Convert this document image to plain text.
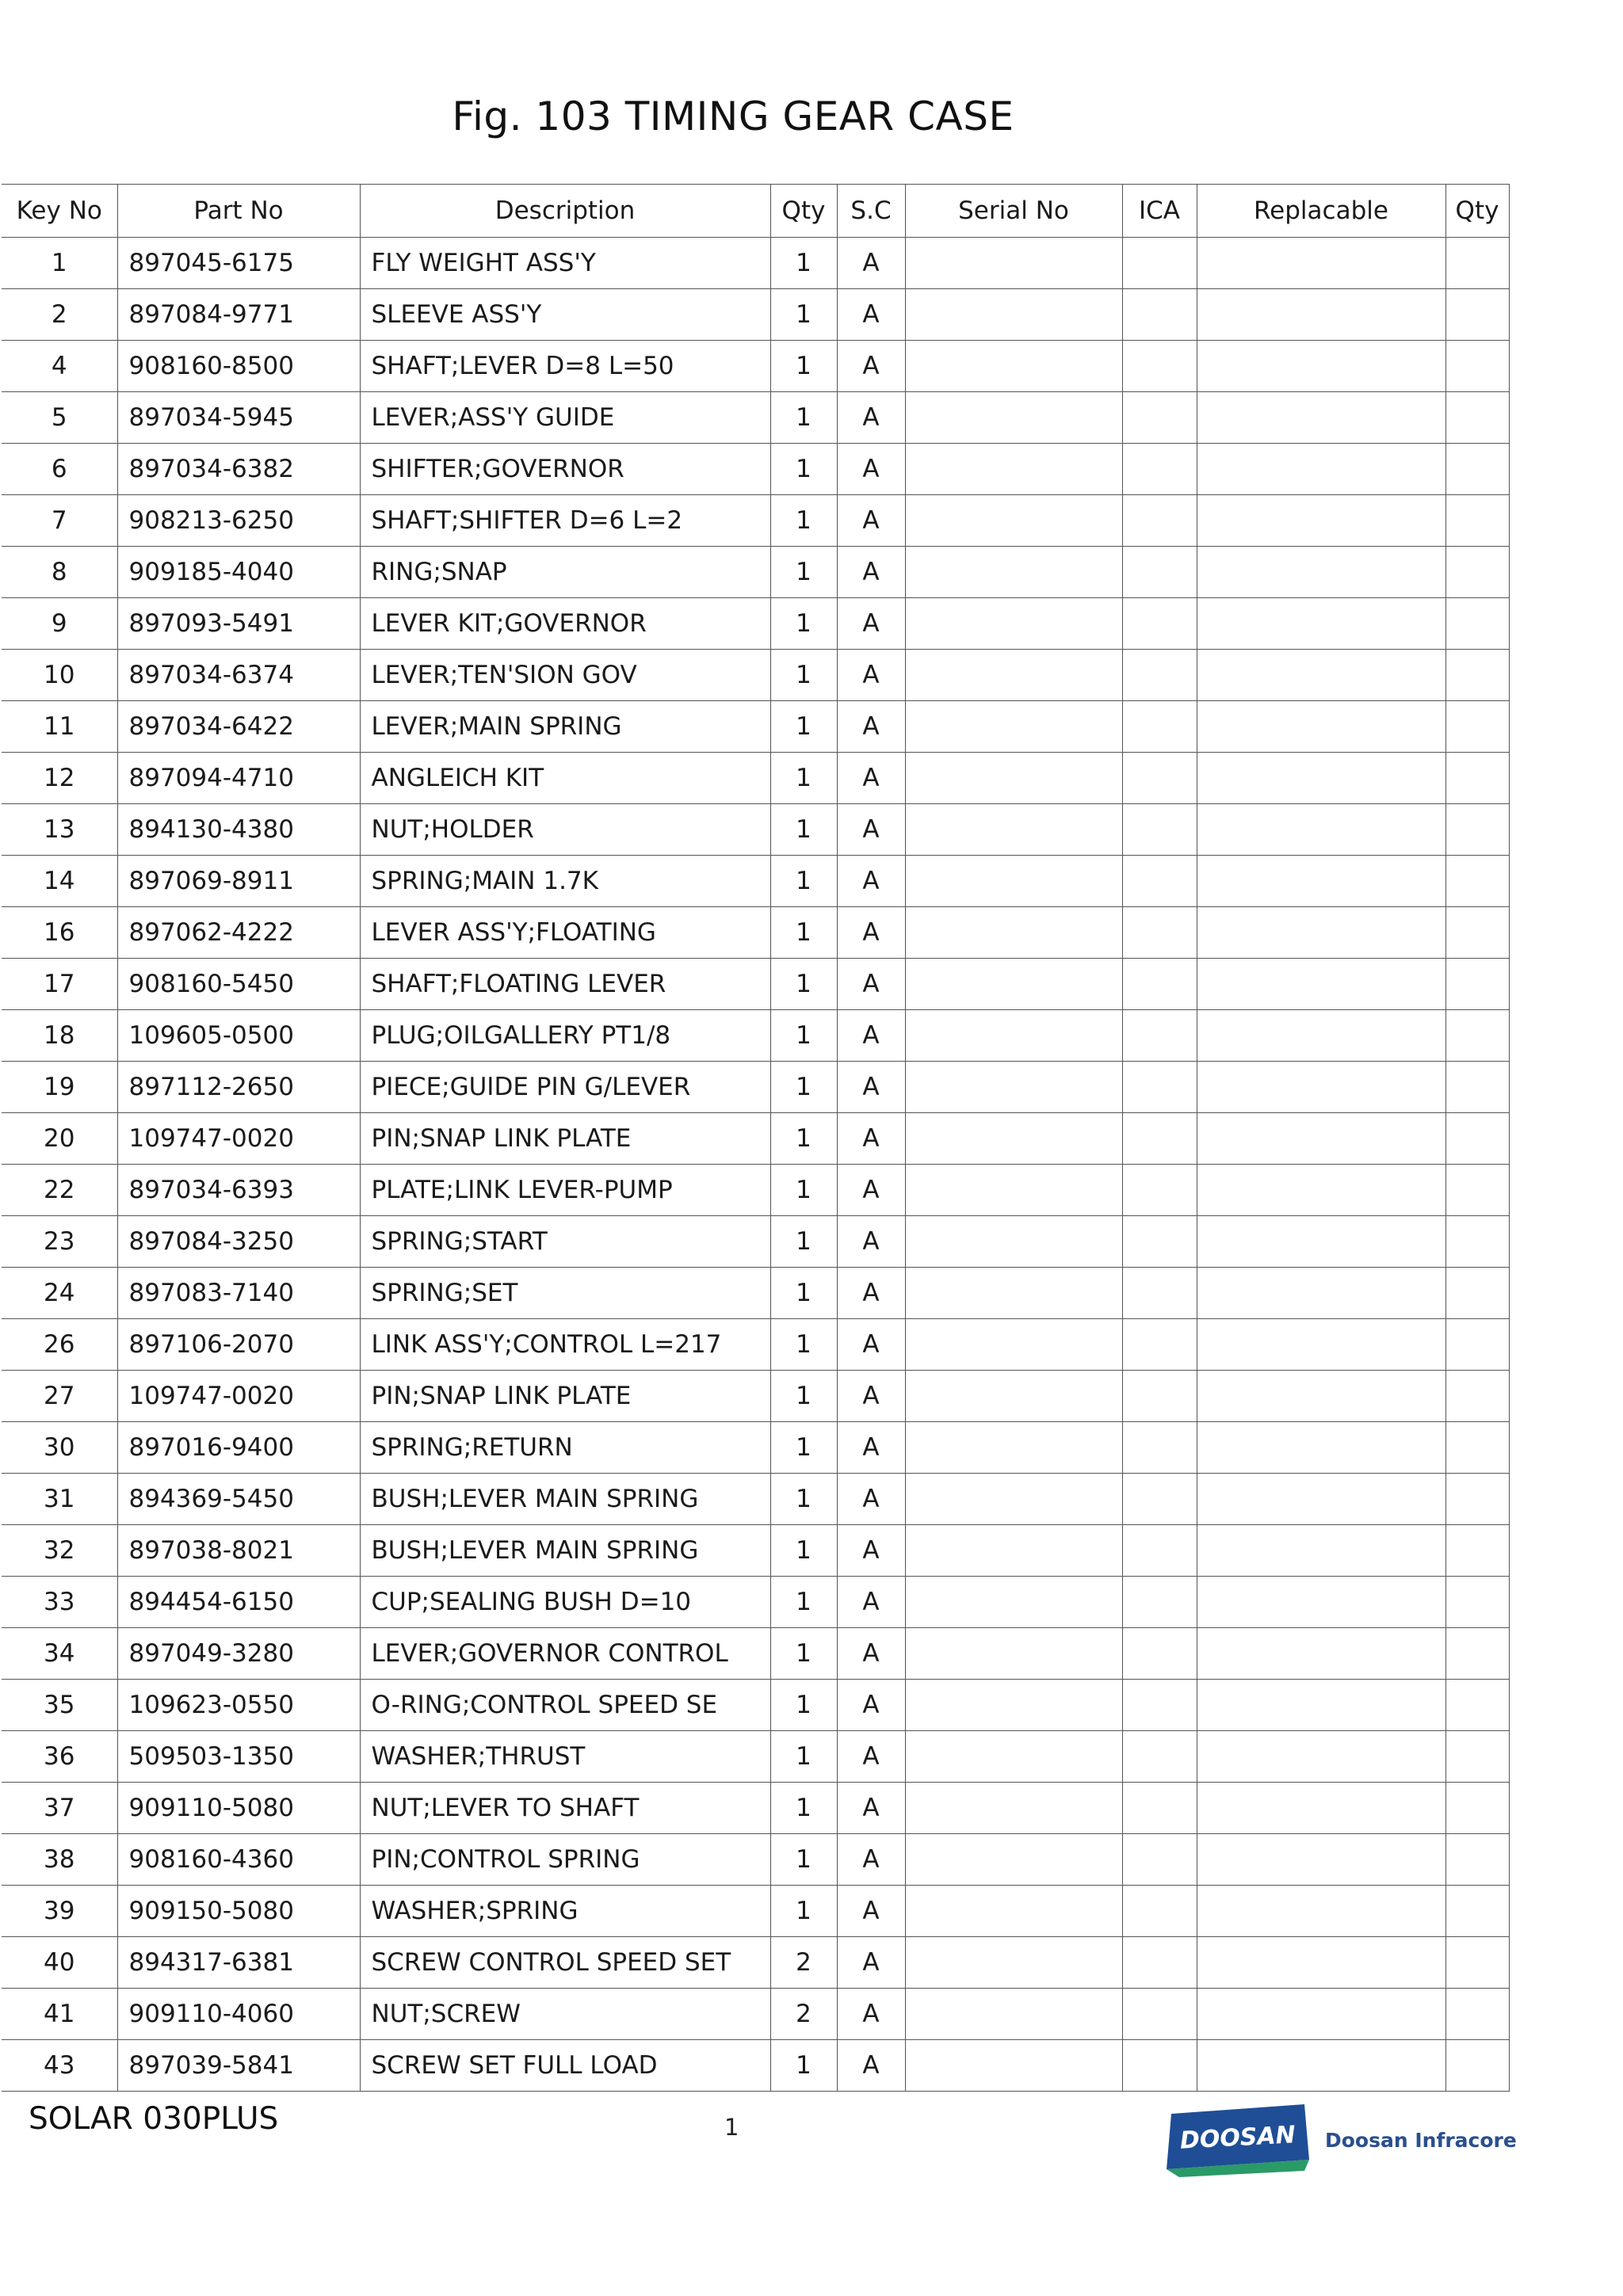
Fig. 103 TIMING GEAR CASE
Key No	Part No	Description	Qty	S.C	Serial No	ICA	Replacable	Qty
1	897045-6175	FLY WEIGHT ASS'Y	1	A				
2	897084-9771	SLEEVE ASS'Y	1	A				
4	908160-8500	SHAFT;LEVER D=8 L=50	1	A				
5	897034-5945	LEVER;ASS'Y GUIDE	1	A				
6	897034-6382	SHIFTER;GOVERNOR	1	A				
7	908213-6250	SHAFT;SHIFTER D=6 L=2	1	A				
8	909185-4040	RING;SNAP	1	A				
9	897093-5491	LEVER KIT;GOVERNOR	1	A				
10	897034-6374	LEVER;TEN'SION GOV	1	A				
11	897034-6422	LEVER;MAIN SPRING	1	A				
12	897094-4710	ANGLEICH KIT	1	A				
13	894130-4380	NUT;HOLDER	1	A				
14	897069-8911	SPRING;MAIN 1.7K	1	A				
16	897062-4222	LEVER ASS'Y;FLOATING	1	A				
17	908160-5450	SHAFT;FLOATING LEVER	1	A				
18	109605-0500	PLUG;OILGALLERY PT1/8	1	A				
19	897112-2650	PIECE;GUIDE PIN G/LEVER	1	A				
20	109747-0020	PIN;SNAP LINK PLATE	1	A				
22	897034-6393	PLATE;LINK LEVER-PUMP	1	A				
23	897084-3250	SPRING;START	1	A				
24	897083-7140	SPRING;SET	1	A				
26	897106-2070	LINK ASS'Y;CONTROL L=217	1	A				
27	109747-0020	PIN;SNAP LINK PLATE	1	A				
30	897016-9400	SPRING;RETURN	1	A				
31	894369-5450	BUSH;LEVER MAIN SPRING	1	A				
32	897038-8021	BUSH;LEVER MAIN SPRING	1	A				
33	894454-6150	CUP;SEALING BUSH D=10	1	A				
34	897049-3280	LEVER;GOVERNOR CONTROL	1	A				
35	109623-0550	O-RING;CONTROL SPEED SE	1	A				
36	509503-1350	WASHER;THRUST	1	A				
37	909110-5080	NUT;LEVER TO SHAFT	1	A				
38	908160-4360	PIN;CONTROL SPRING	1	A				
39	909150-5080	WASHER;SPRING	1	A				
40	894317-6381	SCREW CONTROL SPEED SET	2	A				
41	909110-4060	NUT;SCREW	2	A				
43	897039-5841	SCREW SET FULL LOAD	1	A				
SOLAR 030PLUS	1	DOOSAN Doosan Infracore
